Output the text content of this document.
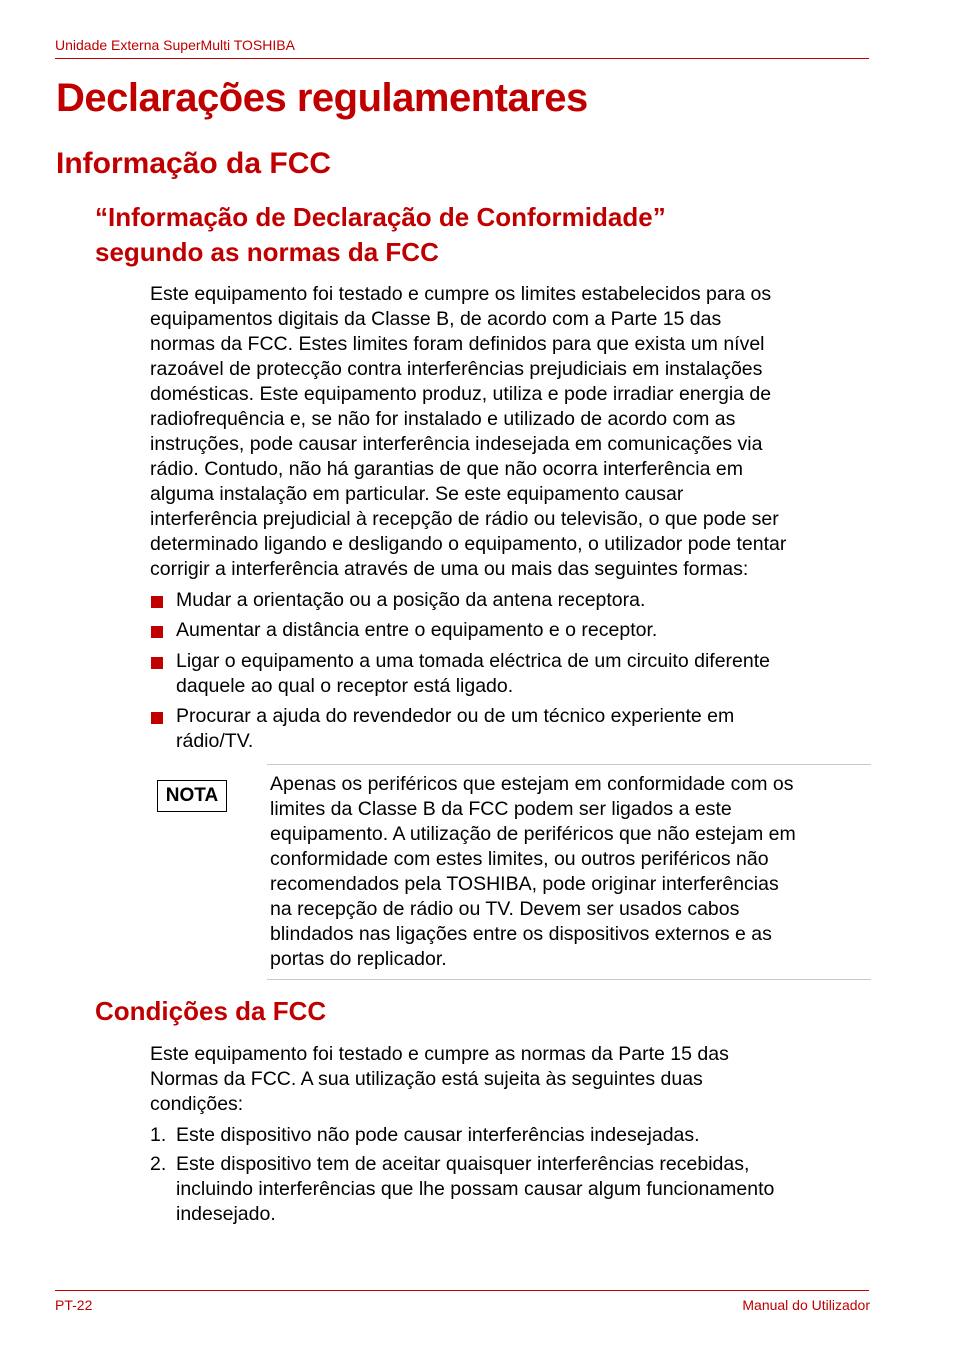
Unidade Externa SuperMulti TOSHIBA
Declarações regulamentares
Informação da FCC
“Informação de Declaração de Conformidade”
segundo as normas da FCC
Este equipamento foi testado e cumpre os limites estabelecidos para os
equipamentos digitais da Classe B, de acordo com a Parte 15 das
normas da FCC. Estes limites foram definidos para que exista um nível
razoável de protecção contra interferências prejudiciais em instalações
domésticas. Este equipamento produz, utiliza e pode irradiar energia de
radiofrequência e, se não for instalado e utilizado de acordo com as
instruções, pode causar interferência indesejada em comunicações via
rádio. Contudo, não há garantias de que não ocorra interferência em
alguma instalação em particular. Se este equipamento causar
interferência prejudicial à recepção de rádio ou televisão, o que pode ser
determinado ligando e desligando o equipamento, o utilizador pode tentar
corrigir a interferência através de uma ou mais das seguintes formas:
Mudar a orientação ou a posição da antena receptora.
Aumentar a distância entre o equipamento e o receptor.
Ligar o equipamento a uma tomada eléctrica de um circuito diferente
daquele ao qual o receptor está ligado.
Procurar a ajuda do revendedor ou de um técnico experiente em
rádio/TV.
NOTA
Apenas os periféricos que estejam em conformidade com os
limites da Classe B da FCC podem ser ligados a este
equipamento. A utilização de periféricos que não estejam em
conformidade com estes limites, ou outros periféricos não
recomendados pela TOSHIBA, pode originar interferências
na recepção de rádio ou TV. Devem ser usados cabos
blindados nas ligações entre os dispositivos externos e as
portas do replicador.
Condições da FCC
Este equipamento foi testado e cumpre as normas da Parte 15 das
Normas da FCC. A sua utilização está sujeita às seguintes duas
condições:
1. Este dispositivo não pode causar interferências indesejadas.
2. Este dispositivo tem de aceitar quaisquer interferências recebidas,
incluindo interferências que lhe possam causar algum funcionamento
indesejado.
PT-22	Manual do Utilizador
